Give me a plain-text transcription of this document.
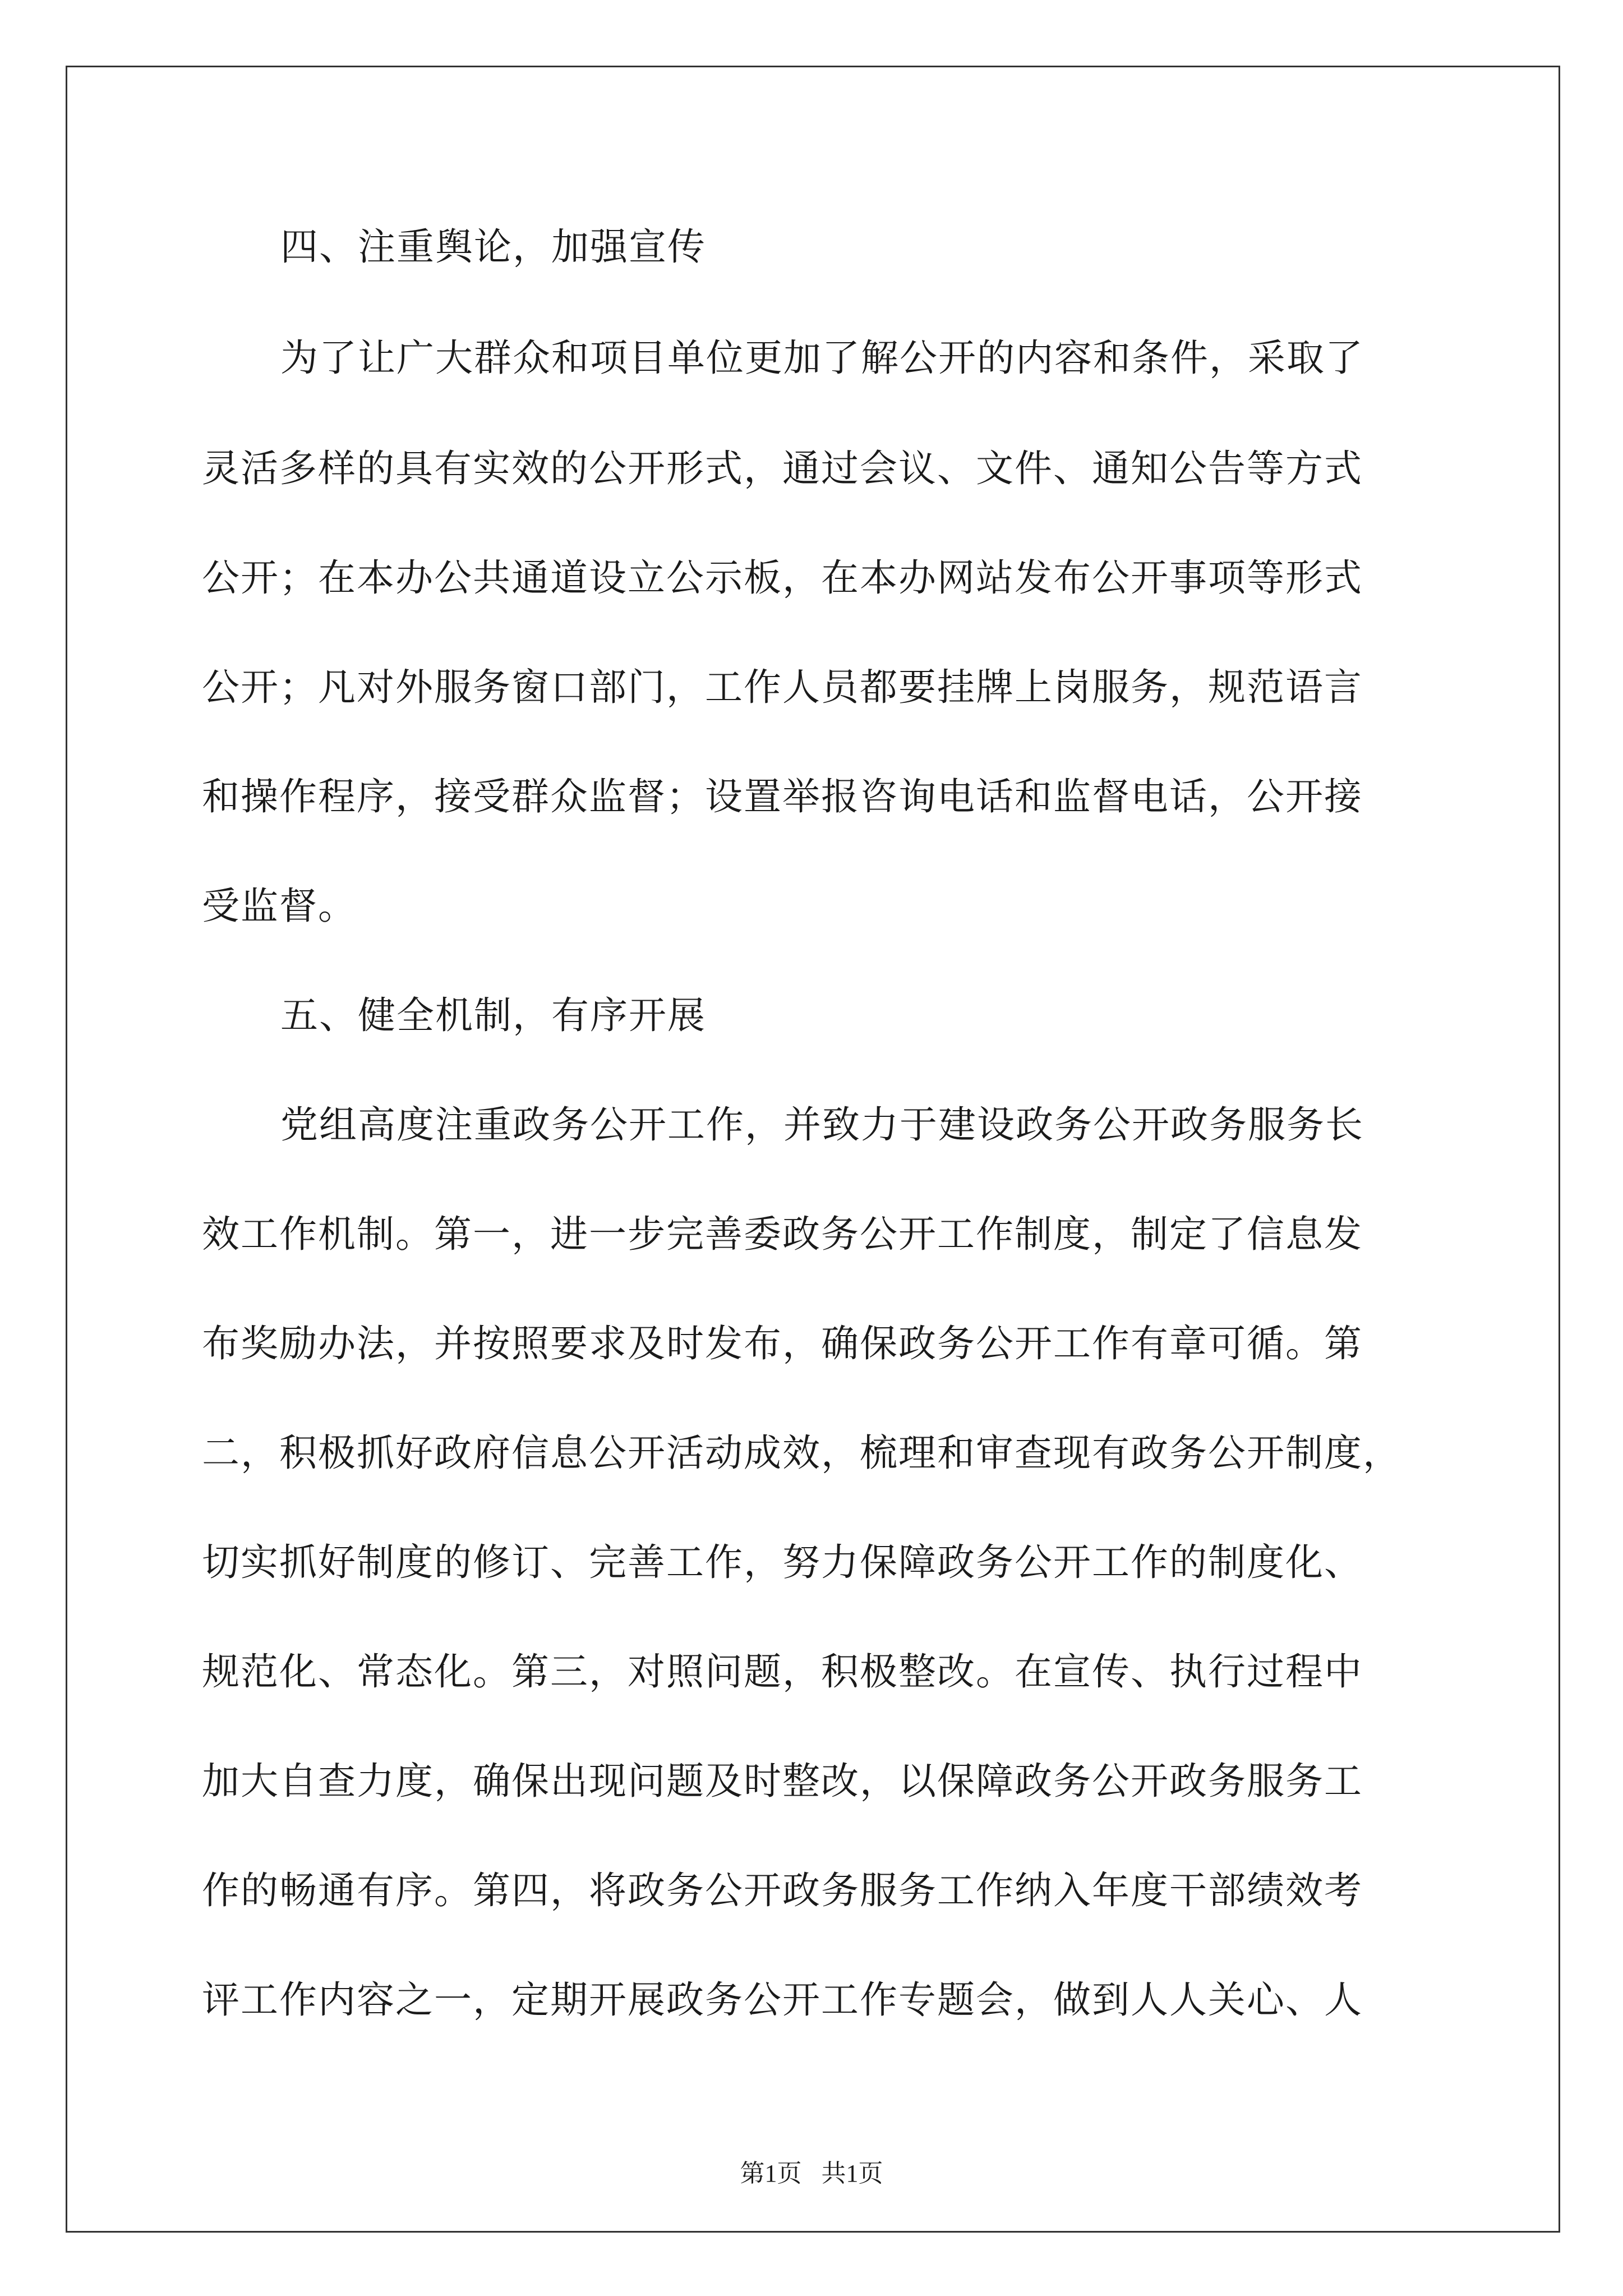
四、注重舆论，加强宣传

为了让广大群众和项目单位更加了解公开的内容和条件，采取了

灵活多样的具有实效的公开形式，通过会议、文件、通知公告等方式

公开；在本办公共通道设立公示板，在本办网站发布公开事项等形式

公开；凡对外服务窗口部门，工作人员都要挂牌上岗服务，规范语言

和操作程序，接受群众监督；设置举报咨询电话和监督电话，公开接

受监督。

五、健全机制，有序开展

党组高度注重政务公开工作，并致力于建设政务公开政务服务长

效工作机制。第一，进一步完善委政务公开工作制度，制定了信息发

布奖励办法，并按照要求及时发布，确保政务公开工作有章可循。第

二，积极抓好政府信息公开活动成效，梳理和审查现有政务公开制度，

切实抓好制度的修订、完善工作，努力保障政务公开工作的制度化、

规范化、常态化。第三，对照问题，积极整改。在宣传、执行过程中

加大自查力度，确保出现问题及时整改，以保障政务公开政务服务工

作的畅通有序。第四，将政务公开政务服务工作纳入年度干部绩效考

评工作内容之一，定期开展政务公开工作专题会，做到人人关心、人

第1页 共1页
